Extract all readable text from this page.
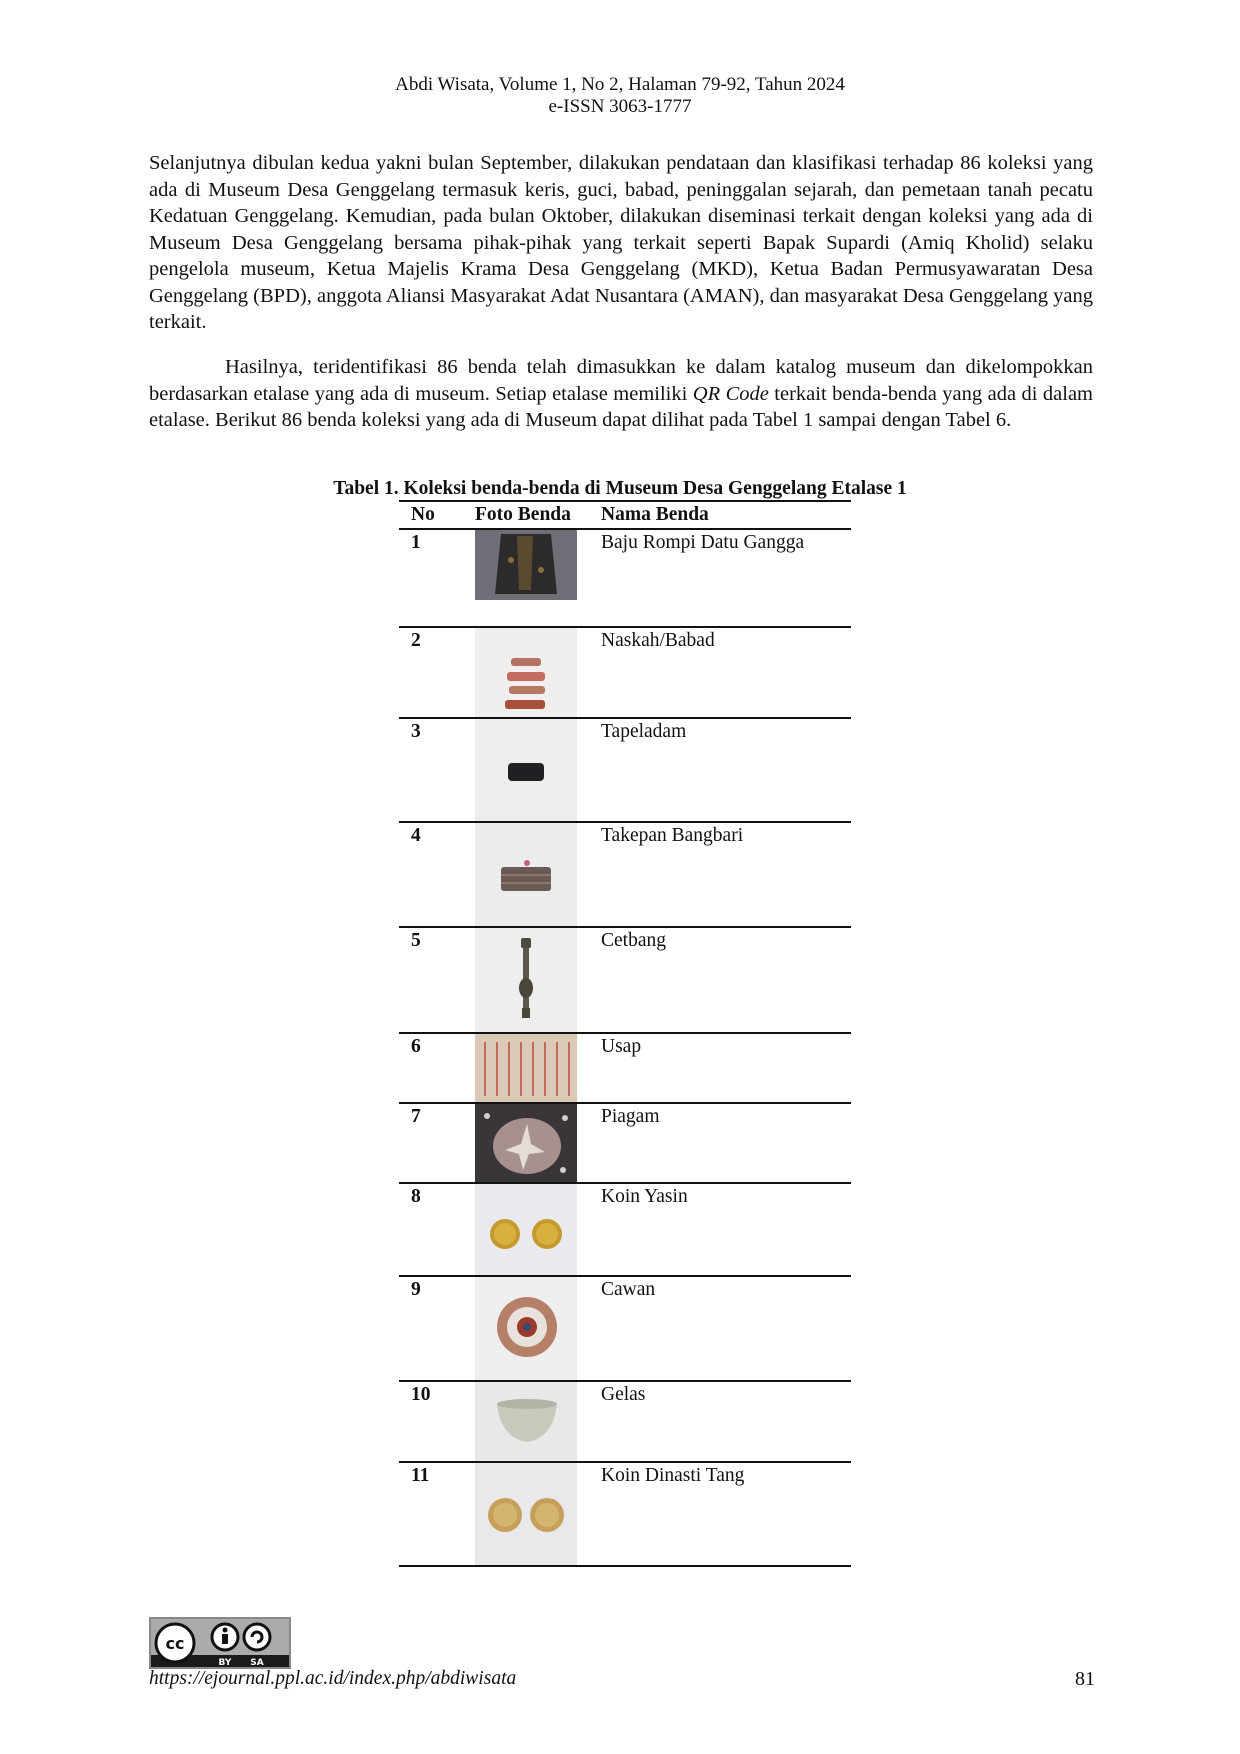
Abdi Wisata, Volume 1, No 2, Halaman 79-92, Tahun 2024
e-ISSN 3063-1777

Selanjutnya dibulan kedua yakni bulan September, dilakukan pendataan dan klasifikasi terhadap 86 koleksi yang ada di Museum Desa Genggelang termasuk keris, guci, babad, peninggalan sejarah, dan pemetaan tanah pecatu Kedatuan Genggelang. Kemudian, pada bulan Oktober, dilakukan diseminasi terkait dengan koleksi yang ada di Museum Desa Genggelang bersama pihak-pihak yang terkait seperti Bapak Supardi (Amiq Kholid) selaku pengelola museum, Ketua Majelis Krama Desa Genggelang (MKD), Ketua Badan Permusyawaratan Desa Genggelang (BPD), anggota Aliansi Masyarakat Adat Nusantara (AMAN), dan masyarakat Desa Genggelang yang terkait.

Hasilnya, teridentifikasi 86 benda telah dimasukkan ke dalam katalog museum dan dikelompokkan berdasarkan etalase yang ada di museum. Setiap etalase memiliki QR Code terkait benda-benda yang ada di dalam etalase. Berikut 86 benda koleksi yang ada di Museum dapat dilihat pada Tabel 1 sampai dengan Tabel 6.

Tabel 1. Koleksi benda-benda di Museum Desa Genggelang Etalase 1
No	Foto Benda	Nama Benda
1		Baju Rompi Datu Gangga
2		Naskah/Babad
3		Tapeladam
4		Takepan Bangbari
5		Cetbang
6		Usap
7		Piagam
8		Koin Yasin
9		Cawan
10		Gelas
11		Koin Dinasti Tang
cc
BY SA
https://ejournal.ppl.ac.id/index.php/abdiwisata	81
